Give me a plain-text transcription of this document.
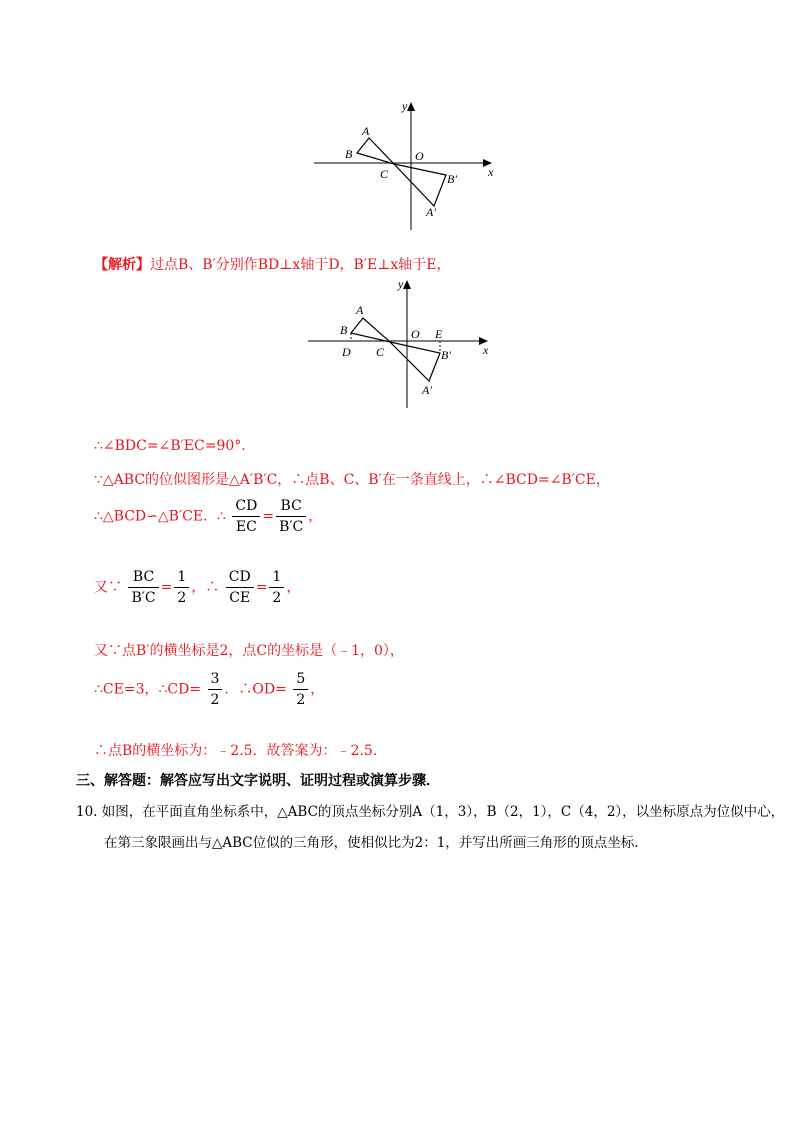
y
A
B	O
C	x
B′
A′
【解析】过点B、B′分别作BD⊥x轴于D，B′E⊥x轴于E，
y
A
B	O E
D C	x
B′
A′
∴∠BDC=∠B′EC=90°.
∵△ABC的位似图形是△A′B′C，∴点B、C、B′在一条直线上，∴∠BCD=∠B′CE，
∴△BCD∽△B′CE．∴ $\frac{CD}{EC} = \frac{BC}{B'C}$ ，
又∵ $\frac{BC}{B'C} = \frac{1}{2}$ ，∴ $\frac{CD}{CE} = \frac{1}{2}$ ，
又∵点B′的横坐标是2，点C的坐标是（﹣1，0），
∴CE=3，∴CD= $\frac{3}{2}$ ．∴OD= $\frac{5}{2}$ ，
∴点B的横坐标为：﹣2.5．故答案为：﹣2.5．
三、解答题：解答应写出文字说明、证明过程或演算步骤．
10. 如图，在平面直角坐标系中，△ABC的顶点坐标分别A（1，3），B（2，1），C（4，2），以坐标原点为位似中心，
在第三象限画出与△ABC位似的三角形，使相似比为2：1，并写出所画三角形的顶点坐标.
